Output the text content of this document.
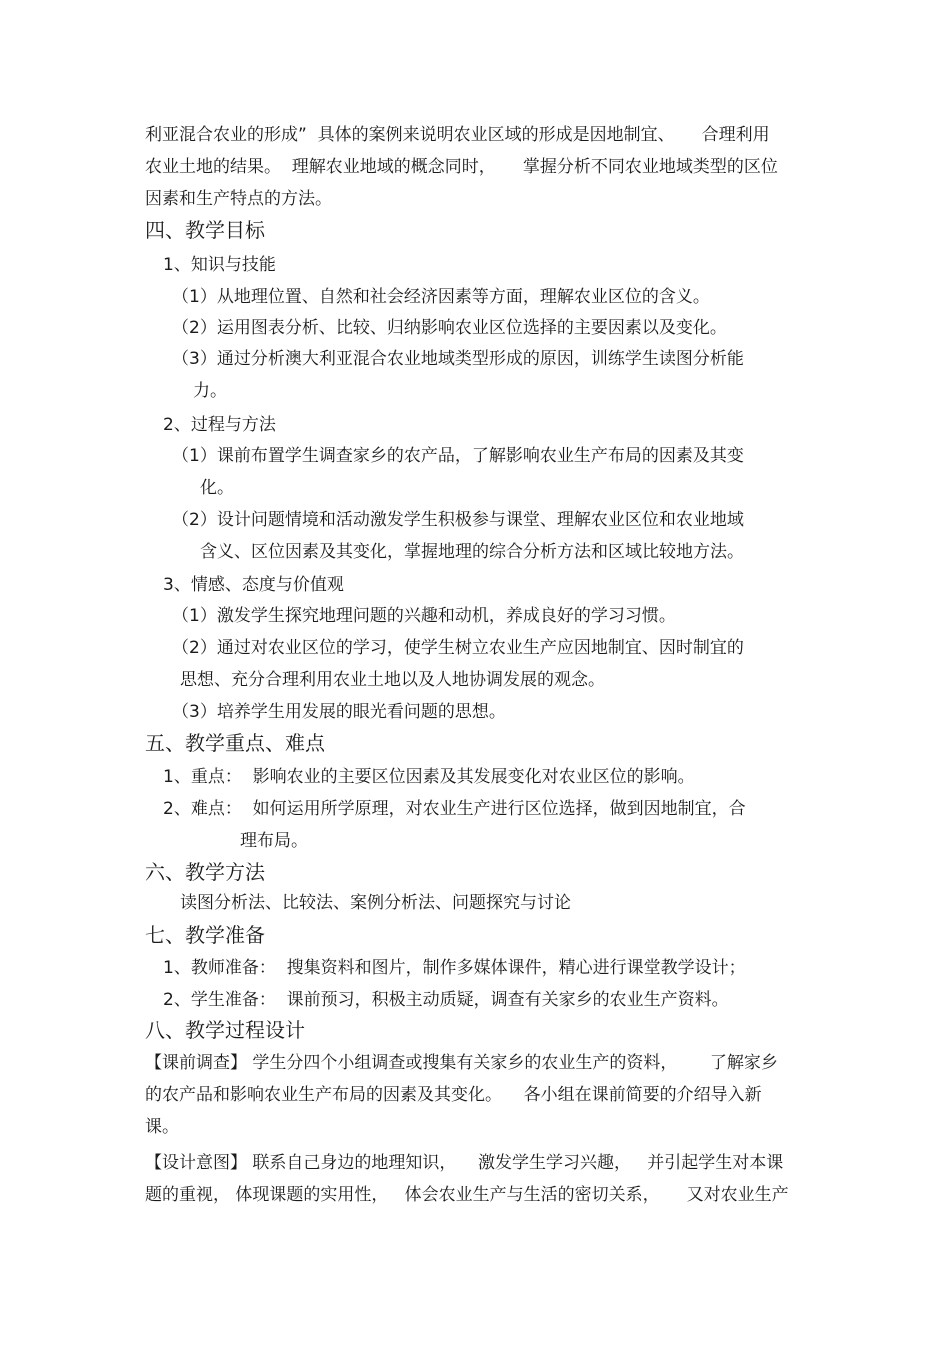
利亚混合农业的形成”  具体的案例来说明农业区域的形成是因地制宜、     合理利用
农业土地的结果。  理解农业地域的概念同时，     掌握分析不同农业地域类型的区位
因素和生产特点的方法。
四、教学目标
1、知识与技能
（1）从地理位置、自然和社会经济因素等方面，理解农业区位的含义。
（2）运用图表分析、比较、归纳影响农业区位选择的主要因素以及变化。
（3）通过分析澳大利亚混合农业地域类型形成的原因，训练学生读图分析能
力。
2、过程与方法
（1）课前布置学生调查家乡的农产品，了解影响农业生产布局的因素及其变
化。
（2）设计问题情境和活动激发学生积极参与课堂、理解农业区位和农业地域
含义、区位因素及其变化，掌握地理的综合分析方法和区域比较地方法。
3、情感、态度与价值观
（1）激发学生探究地理问题的兴趣和动机，养成良好的学习习惯。
（2）通过对农业区位的学习，使学生树立农业生产应因地制宜、因时制宜的
思想、充分合理利用农业土地以及人地协调发展的观念。
（3）培养学生用发展的眼光看问题的思想。
五、教学重点、难点
1、重点：  影响农业的主要区位因素及其发展变化对农业区位的影响。
2、难点：  如何运用所学原理，对农业生产进行区位选择，做到因地制宜，合
理布局。
六、教学方法
读图分析法、比较法、案例分析法、问题探究与讨论
七、教学准备
1、教师准备：  搜集资料和图片，制作多媒体课件，精心进行课堂教学设计；
2、学生准备：  课前预习，积极主动质疑，调查有关家乡的农业生产资料。
八、教学过程设计
【课前调查】 学生分四个小组调查或搜集有关家乡的农业生产的资料，      了解家乡
的农产品和影响农业生产布局的因素及其变化。    各小组在课前简要的介绍导入新
课。
【设计意图】 联系自己身边的地理知识，    激发学生学习兴趣，   并引起学生对本课
题的重视， 体现课题的实用性，   体会农业生产与生活的密切关系，     又对农业生产
